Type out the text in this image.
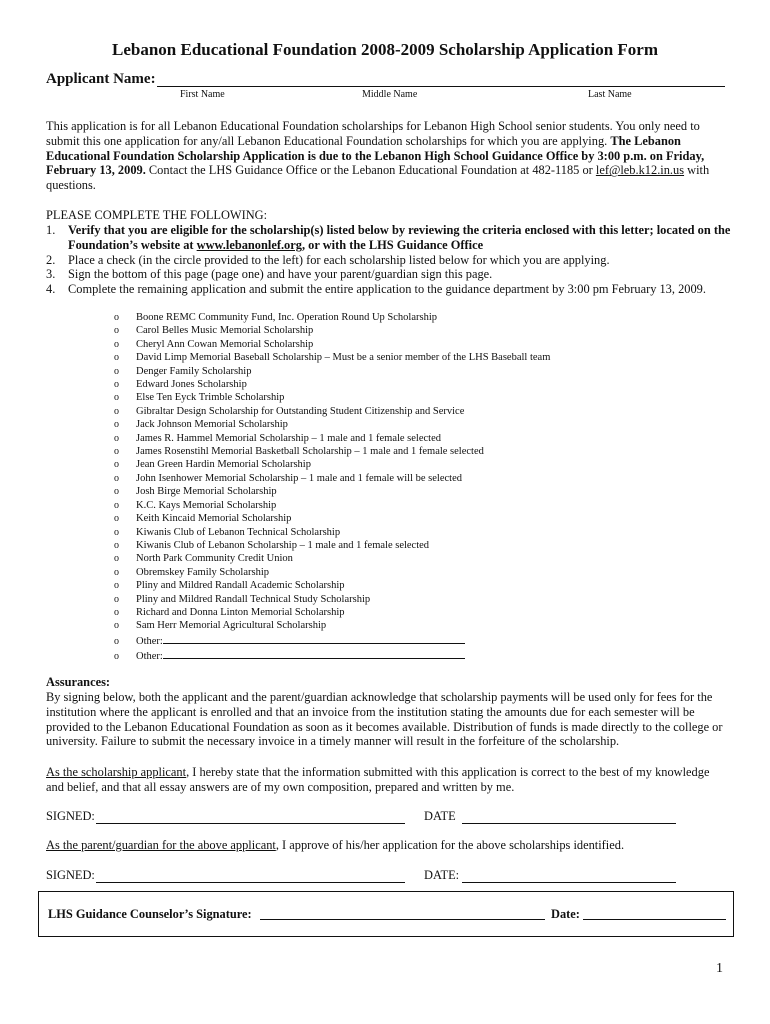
Lebanon Educational Foundation 2008-2009 Scholarship Application Form
Applicant Name:
First Name	Middle Name	Last Name
This application is for all Lebanon Educational Foundation scholarships for Lebanon High School senior students. You only need to submit this one application for any/all Lebanon Educational Foundation scholarships for which you are applying. The Lebanon Educational Foundation Scholarship Application is due to the Lebanon High School Guidance Office by 3:00 p.m. on Friday, February 13, 2009. Contact the LHS Guidance Office or the Lebanon Educational Foundation at 482-1185 or lef@leb.k12.in.us with questions.
PLEASE COMPLETE THE FOLLOWING:
1.	Verify that you are eligible for the scholarship(s) listed below by reviewing the criteria enclosed with this letter; located on the Foundation’s website at www.lebanonlef.org, or with the LHS Guidance Office
2.	Place a check (in the circle provided to the left) for each scholarship listed below for which you are applying.
3.	Sign the bottom of this page (page one) and have your parent/guardian sign this page.
4.	Complete the remaining application and submit the entire application to the guidance department by 3:00 pm February 13, 2009.
o	Boone REMC Community Fund, Inc. Operation Round Up Scholarship
o	Carol Belles Music Memorial Scholarship
o	Cheryl Ann Cowan Memorial Scholarship
o	David Limp Memorial Baseball Scholarship – Must be a senior member of the LHS Baseball team
o	Denger Family Scholarship
o	Edward Jones Scholarship
o	Else Ten Eyck Trimble Scholarship
o	Gibraltar Design Scholarship for Outstanding Student Citizenship and Service
o	Jack Johnson Memorial Scholarship
o	James R. Hammel Memorial Scholarship – 1 male and 1 female selected
o	James Rosenstihl Memorial Basketball Scholarship – 1 male and 1 female selected
o	Jean Green Hardin Memorial Scholarship
o	John Isenhower Memorial Scholarship – 1 male and 1 female will be selected
o	Josh Birge Memorial Scholarship
o	K.C. Kays Memorial Scholarship
o	Keith Kincaid Memorial Scholarship
o	Kiwanis Club of Lebanon Technical Scholarship
o	Kiwanis Club of Lebanon Scholarship – 1 male and 1 female selected
o	North Park Community Credit Union
o	Obremskey Family Scholarship
o	Pliny and Mildred Randall Academic Scholarship
o	Pliny and Mildred Randall Technical Study Scholarship
o	Richard and Donna Linton Memorial Scholarship
o	Sam Herr Memorial Agricultural Scholarship
o	Other:
o	Other:
Assurances:
By signing below, both the applicant and the parent/guardian acknowledge that scholarship payments will be used only for fees for the institution where the applicant is enrolled and that an invoice from the institution stating the amounts due for each semester will be provided to the Lebanon Educational Foundation as soon as it becomes available. Distribution of funds is made directly to the college or university. Failure to submit the necessary invoice in a timely manner will result in the forfeiture of the scholarship.
As the scholarship applicant, I hereby state that the information submitted with this application is correct to the best of my knowledge and belief, and that all essay answers are of my own composition, prepared and written by me.
SIGNED:	DATE
As the parent/guardian for the above applicant, I approve of his/her application for the above scholarships identified.
SIGNED:	DATE:
LHS Guidance Counselor’s Signature:	Date:
1
